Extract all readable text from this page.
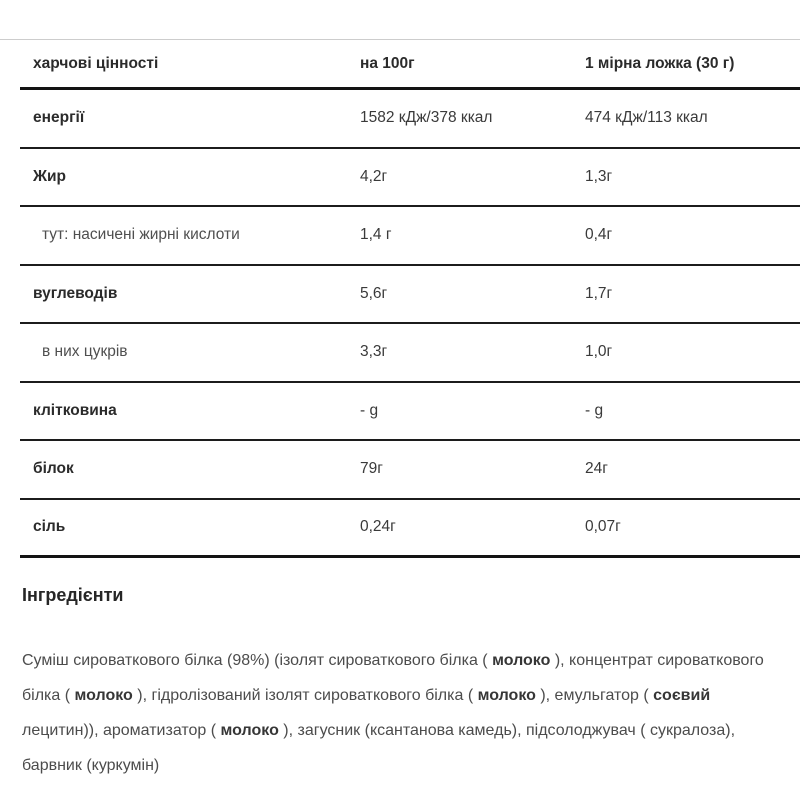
харчові цінності	на 100г	1 мірна ложка (30 г)
енергії	1582 кДж/378 ккал	474 кДж/113 ккал
Жир	4,2г	1,3г
тут: насичені жирні кислоти	1,4 г	0,4г
вуглеводів	5,6г	1,7г
в них цукрів	3,3г	1,0г
клітковина	- g	- g
білок	79г	24г
сіль	0,24г	0,07г
Інгредієнти

Суміш сироваткового білка (98%) (ізолят сироваткового білка ( молоко ), концентрат сироваткового білка ( молоко ), гідролізований ізолят сироваткового білка ( молоко ), емульгатор ( соєвий лецитин)), ароматизатор ( молоко ), загусник (ксантанова камедь), підсолоджувач ( сукралоза), барвник (куркумін)
